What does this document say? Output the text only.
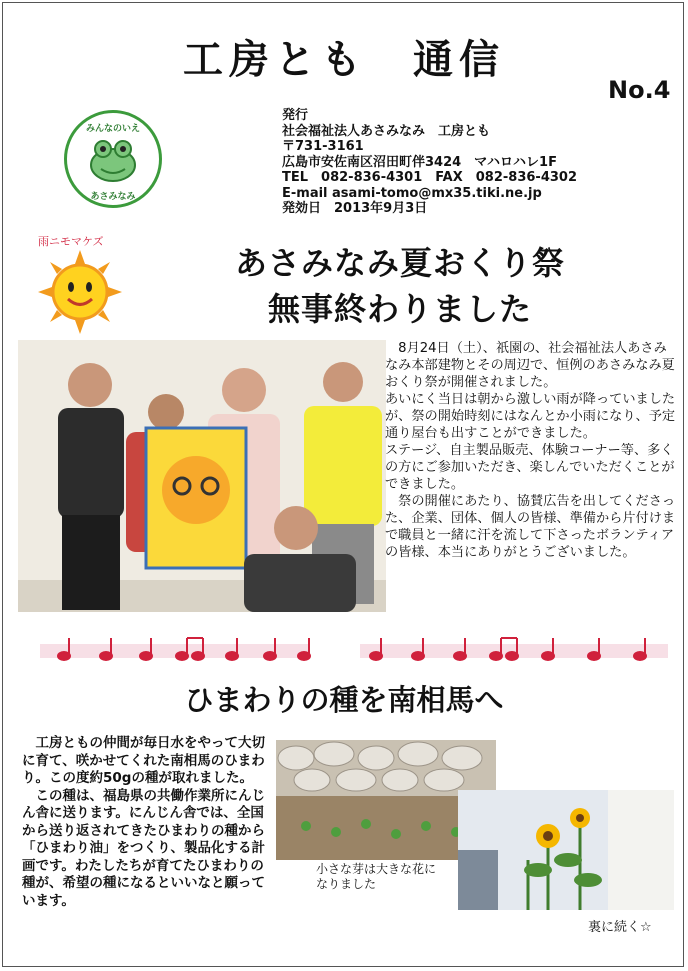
工房とも　通信
No.4
みんなのいえ
あさみなみ
発行
社会福祉法人あさみなみ　工房とも
〒731-3161
広島市安佐南区沼田町伴3424　マハロハレ1F
TEL　082-836-4301　FAX　082-836-4302
E-mail asami-tomo@mx35.tiki.ne.jp
発効日　2013年9月3日
雨ニモマケズ
あさみなみ夏おくり祭
無事終わりました

　8月24日（土）、祇園の、社会福祉法人あさみなみ本部建物とその周辺で、恒例のあさみなみ夏おくり祭が開催されました。

あいにく当日は朝から激しい雨が降っていましたが、祭の開始時刻にはなんとか小雨になり、予定通り屋台も出すことができました。

ステージ、自主製品販売、体験コーナー等、多くの方にご参加いただき、楽しんでいただくことができました。

　祭の開催にあたり、協賛広告を出してくださった、企業、団体、個人の皆様、準備から片付けまで職員と一緒に汗を流して下さったボランティアの皆様、本当にありがとうございました。

ひまわりの種を南相馬へ

　工房ともの仲間が毎日水をやって大切に育て、咲かせてくれた南相馬のひまわり。この度約50gの種が取れました。

　この種は、福島県の共働作業所にんじん舎に送ります。にんじん舎では、全国から送り返されてきたひまわりの種から「ひまわり油」をつくり、製品化する計画です。わたしたちが育てたひまわりの種が、希望の種になるといいなと願っています。

小さな芽は大きな花に
なりました
裏に続く☆
